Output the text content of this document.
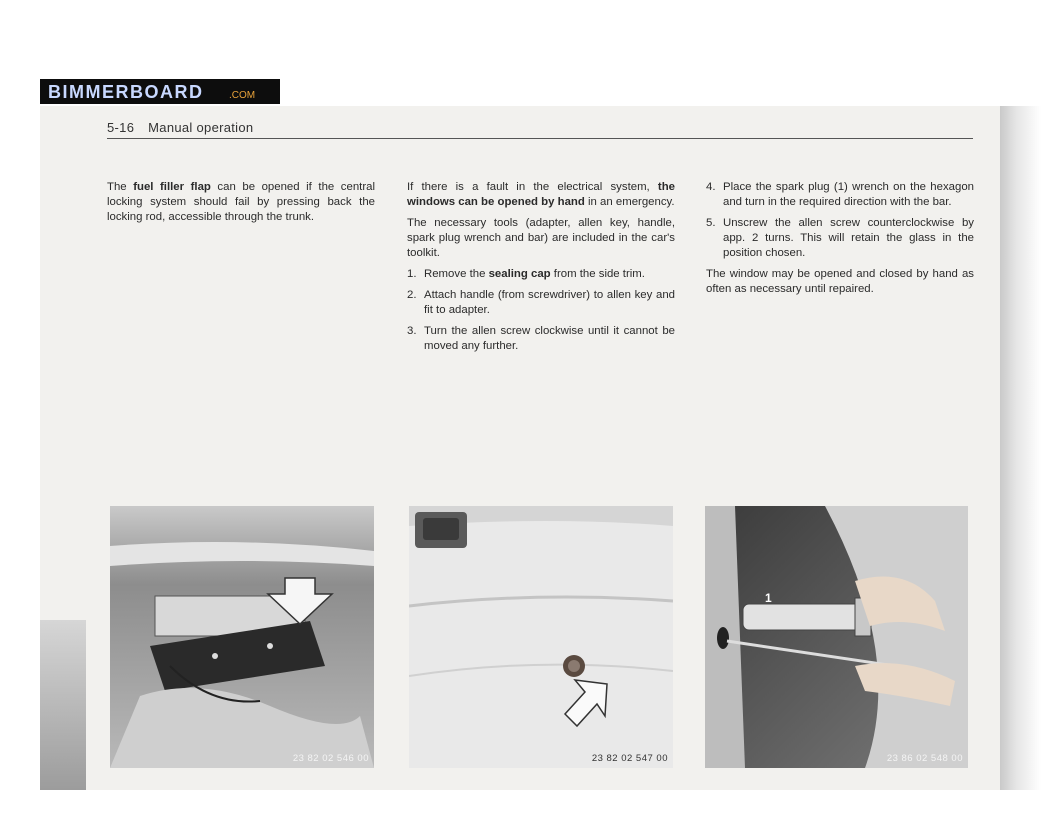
BIMMERBOARD	.COM
5-16 Manual operation

The fuel filler flap can be opened if the central locking system should fail by pressing back the locking rod, accessible through the trunk.

If there is a fault in the electrical system, the windows can be opened by hand in an emergency.

The necessary tools (adapter, allen key, handle, spark plug wrench and bar) are included in the car's toolkit.

1. Remove the sealing cap from the side trim.
2. Attach handle (from screwdriver) to allen key and fit to adapter.
3. Turn the allen screw clockwise until it cannot be moved any further.
4. Place the spark plug (1) wrench on the hexagon and turn in the required direction with the bar.
5. Unscrew the allen screw counterclockwise by app. 2 turns. This will retain the glass in the position chosen.

The window may be opened and closed by hand as often as necessary until repaired.

23 82 02 546 00	23 82 02 547 00
1
23 86 02 548 00
